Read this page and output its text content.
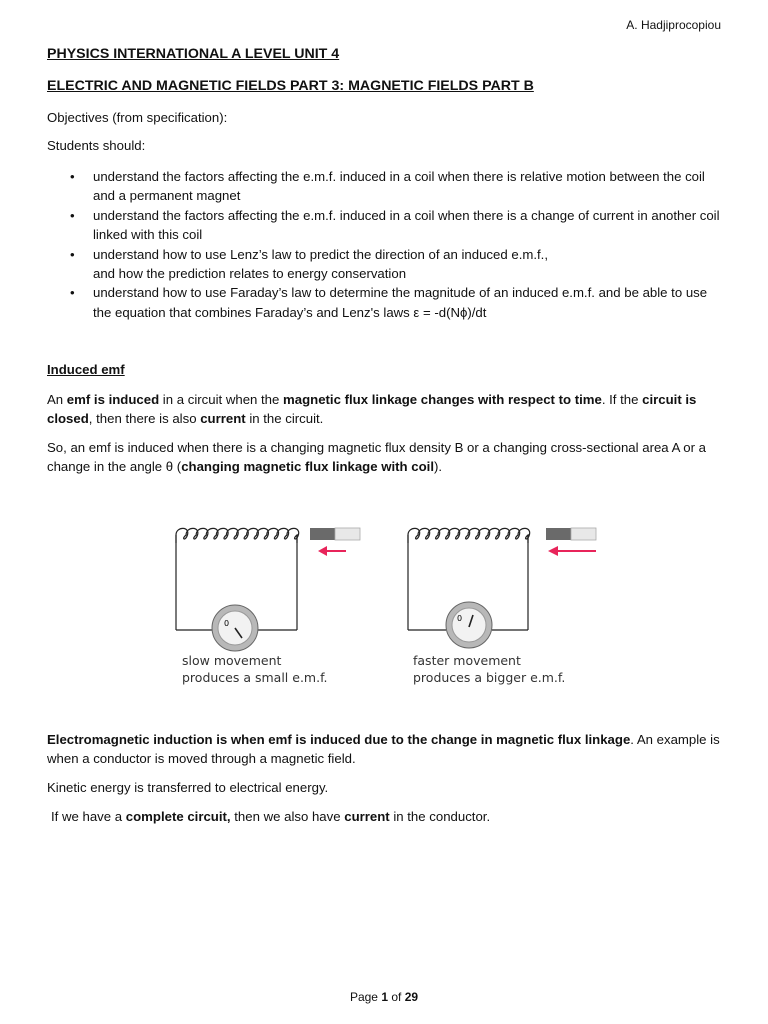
A. Hadjiprocopiou
PHYSICS INTERNATIONAL A LEVEL UNIT 4
ELECTRIC AND MAGNETIC FIELDS PART 3: MAGNETIC FIELDS PART B
Objectives (from specification):
Students should:
• understand the factors affecting the e.m.f. induced in a coil when there is relative motion between the coil and a permanent magnet
• understand the factors affecting the e.m.f. induced in a coil when there is a change of current in another coil linked with this coil
• understand how to use Lenz’s law to predict the direction of an induced e.m.f.,
and how the prediction relates to energy conservation
• understand how to use Faraday’s law to determine the magnitude of an induced e.m.f. and be able to use the equation that combines Faraday’s and Lenz's laws ε = -d(Nϕ)/dt
Induced emf
An emf is induced in a circuit when the magnetic flux linkage changes with respect to time. If the circuit is closed, then there is also current in the circuit.
So, an emf is induced when there is a changing magnetic flux density B or a changing cross-sectional area A or a change in the angle θ (changing magnetic flux linkage with coil).
0
0
slow movement
produces a small e.m.f.
faster movement
produces a bigger e.m.f.
Electromagnetic induction is when emf is induced due to the change in magnetic flux linkage. An example is when a conductor is moved through a magnetic field.
Kinetic energy is transferred to electrical energy.
If we have a complete circuit, then we also have current in the conductor.
Page 1 of 29
